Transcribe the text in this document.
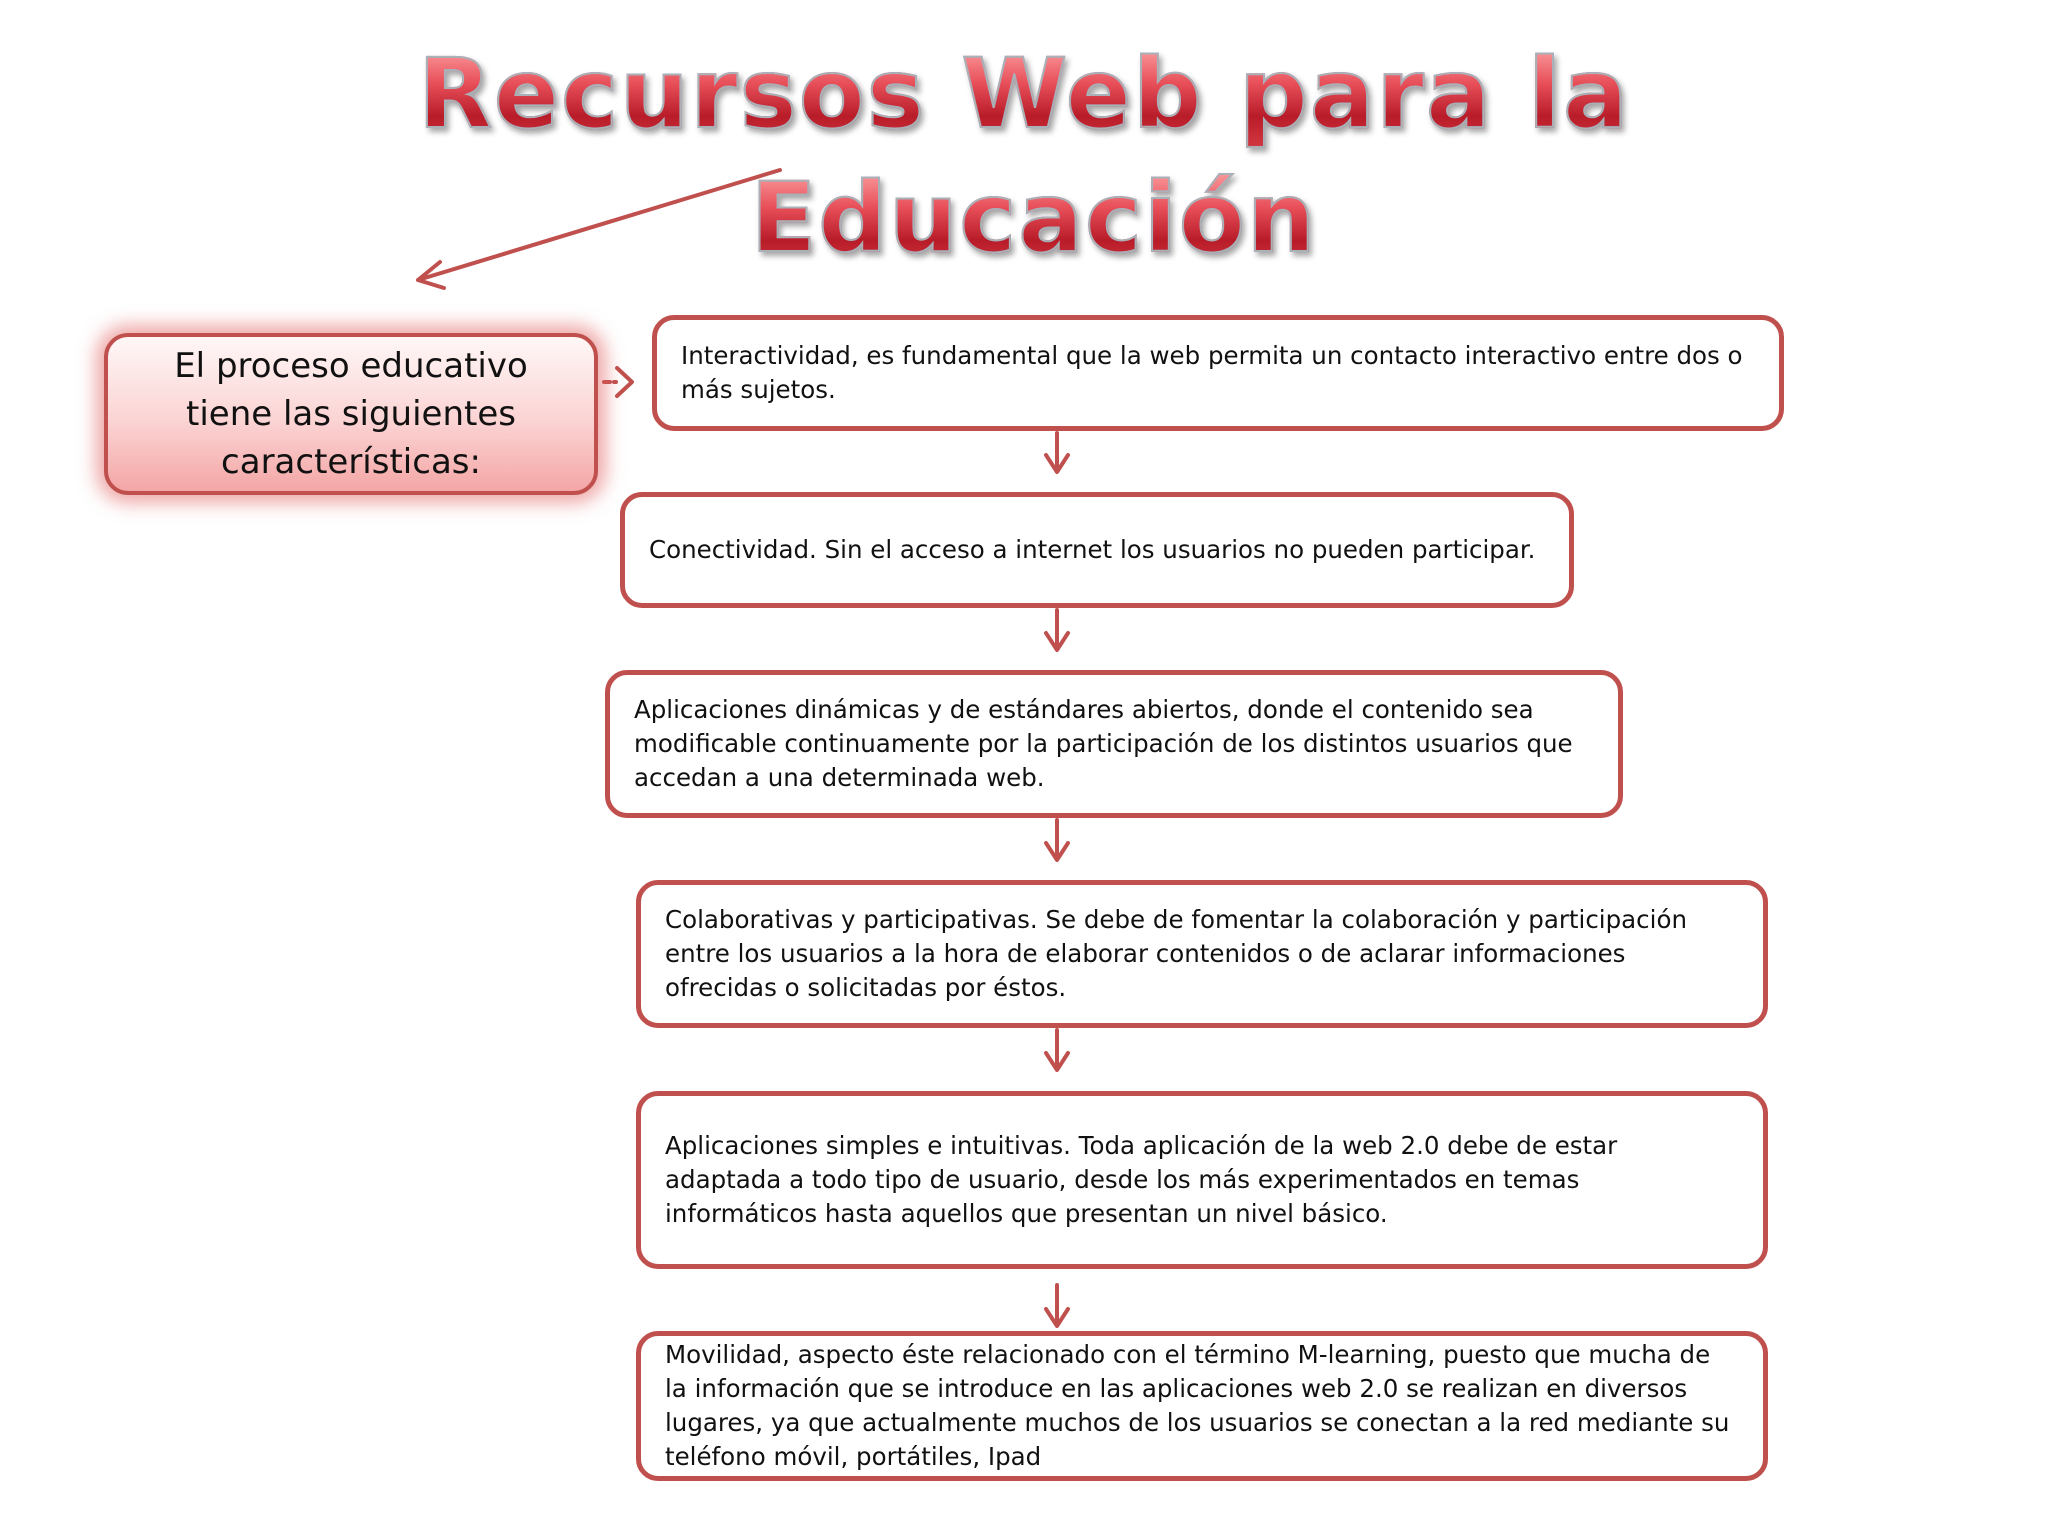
Recursos Web para la
Educación
El proceso educativo tiene las siguientes características:
Interactividad, es fundamental que la web permita un contacto interactivo entre dos o más sujetos.
Conectividad. Sin el acceso a internet los usuarios no pueden participar.
Aplicaciones dinámicas y de estándares abiertos, donde el contenido sea modificable continuamente por la participación de los distintos usuarios que accedan a una determinada web.
Colaborativas y participativas. Se debe de fomentar la colaboración y participación entre los usuarios a la hora de elaborar contenidos o de aclarar informaciones ofrecidas o solicitadas por éstos.
Aplicaciones simples e intuitivas. Toda aplicación de la web 2.0 debe de estar adaptada a todo tipo de usuario, desde los más experimentados en temas informáticos hasta aquellos que presentan un nivel básico.
Movilidad, aspecto éste relacionado con el término M-learning, puesto que mucha de la información que se introduce en las aplicaciones web 2.0 se realizan en diversos lugares, ya que actualmente muchos de los usuarios se conectan a la red mediante su teléfono móvil, portátiles, Ipad
